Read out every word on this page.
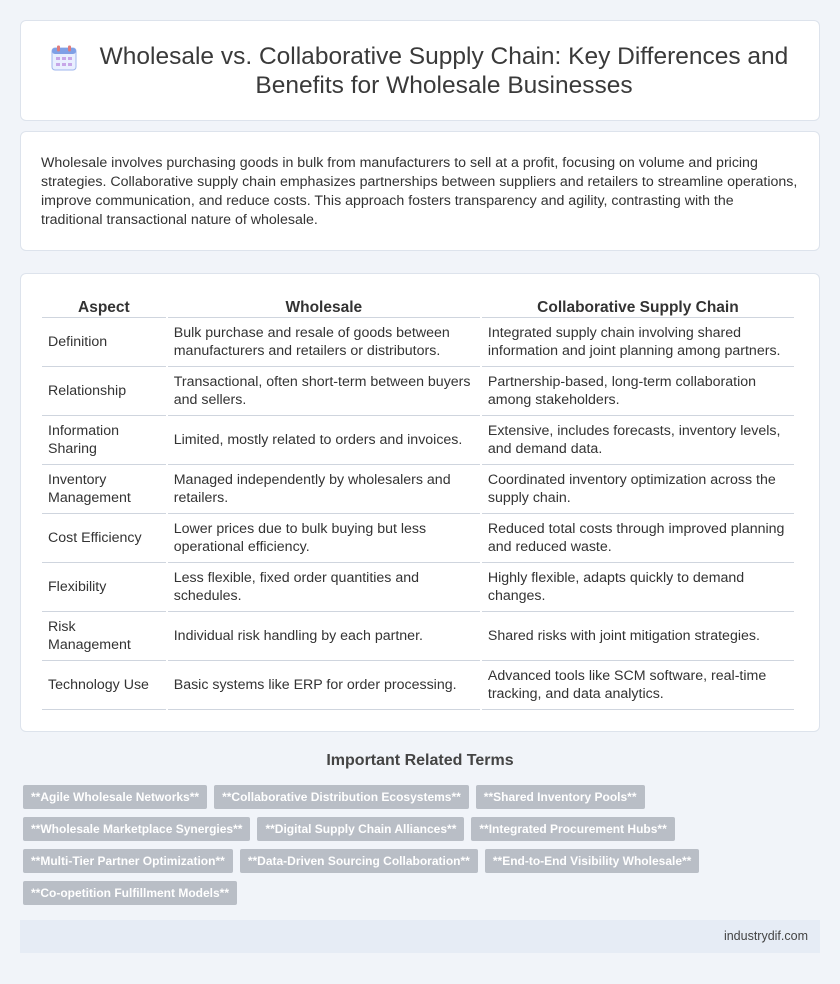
Wholesale vs. Collaborative Supply Chain: Key Differences and Benefits for Wholesale Businesses

Wholesale involves purchasing goods in bulk from manufacturers to sell at a profit, focusing on volume and pricing strategies. Collaborative supply chain emphasizes partnerships between suppliers and retailers to streamline operations, improve communication, and reduce costs. This approach fosters transparency and agility, contrasting with the traditional transactional nature of wholesale.

Aspect	Wholesale	Collaborative Supply Chain
Definition	Bulk purchase and resale of goods between manufacturers and retailers or distributors.	Integrated supply chain involving shared information and joint planning among partners.
Relationship	Transactional, often short-term between buyers and sellers.	Partnership-based, long-term collaboration among stakeholders.
Information Sharing	Limited, mostly related to orders and invoices.	Extensive, includes forecasts, inventory levels, and demand data.
Inventory Management	Managed independently by wholesalers and retailers.	Coordinated inventory optimization across the supply chain.
Cost Efficiency	Lower prices due to bulk buying but less operational efficiency.	Reduced total costs through improved planning and reduced waste.
Flexibility	Less flexible, fixed order quantities and schedules.	Highly flexible, adapts quickly to demand changes.
Risk Management	Individual risk handling by each partner.	Shared risks with joint mitigation strategies.
Technology Use	Basic systems like ERP for order processing.	Advanced tools like SCM software, real-time tracking, and data analytics.
Important Related Terms
**Agile Wholesale Networks**	**Collaborative Distribution Ecosystems**	**Shared Inventory Pools**
**Wholesale Marketplace Synergies**	**Digital Supply Chain Alliances**	**Integrated Procurement Hubs**
**Multi-Tier Partner Optimization**	**Data-Driven Sourcing Collaboration**	**End-to-End Visibility Wholesale**
**Co-opetition Fulfillment Models**
industrydif.com
